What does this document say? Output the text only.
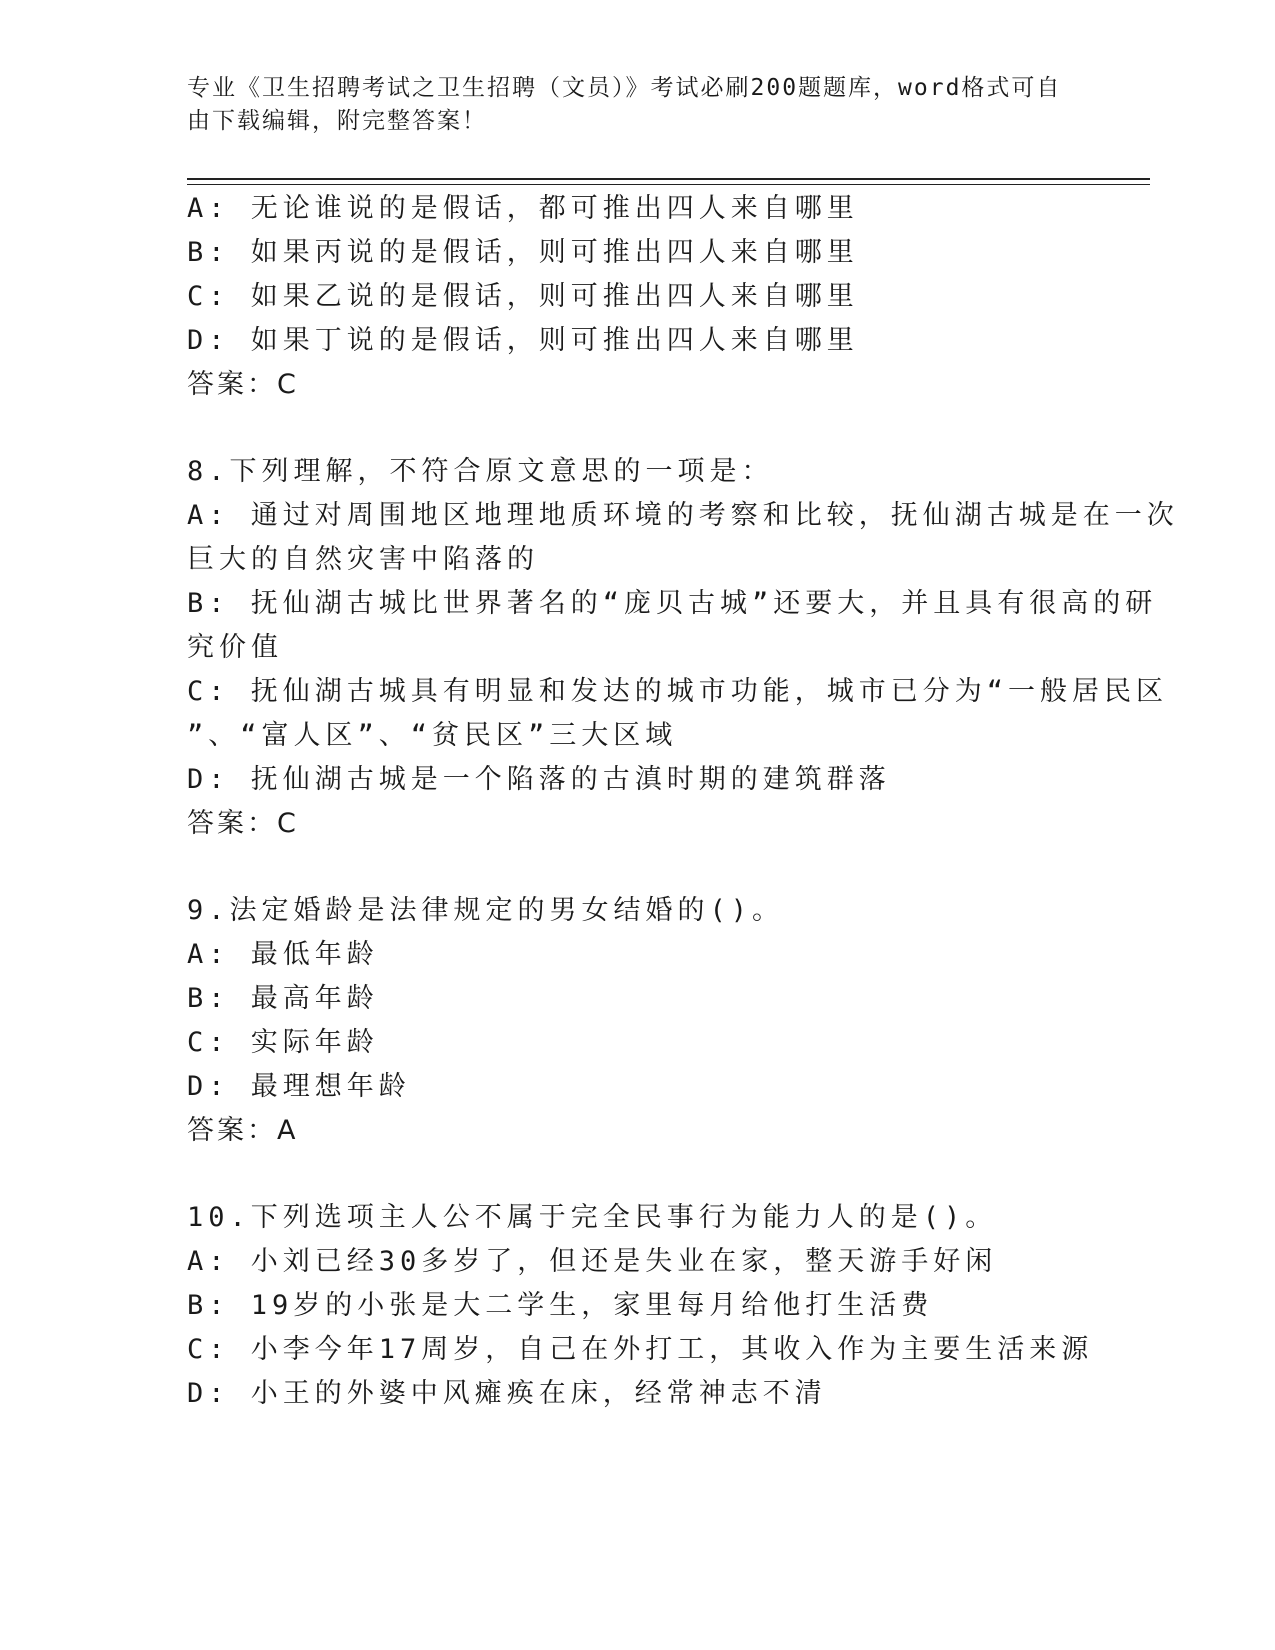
专业《卫生招聘考试之卫生招聘（文员）》考试必刷200题题库，word格式可自
由下载编辑，附完整答案！
A: 无论谁说的是假话，都可推出四人来自哪里
B: 如果丙说的是假话，则可推出四人来自哪里
C: 如果乙说的是假话，则可推出四人来自哪里
D: 如果丁说的是假话，则可推出四人来自哪里
答案：C
8.下列理解，不符合原文意思的一项是：
A: 通过对周围地区地理地质环境的考察和比较，抚仙湖古城是在一次
巨大的自然灾害中陷落的
B: 抚仙湖古城比世界著名的“庞贝古城”还要大，并且具有很高的研
究价值
C: 抚仙湖古城具有明显和发达的城市功能，城市已分为“一般居民区
”、“富人区”、“贫民区”三大区域
D: 抚仙湖古城是一个陷落的古滇时期的建筑群落
答案：C
9.法定婚龄是法律规定的男女结婚的()。
A: 最低年龄
B: 最高年龄
C: 实际年龄
D: 最理想年龄
答案：A
10.下列选项主人公不属于完全民事行为能力人的是()。
A: 小刘已经30多岁了，但还是失业在家，整天游手好闲
B: 19岁的小张是大二学生，家里每月给他打生活费
C: 小李今年17周岁，自己在外打工，其收入作为主要生活来源
D: 小王的外婆中风瘫痪在床，经常神志不清
